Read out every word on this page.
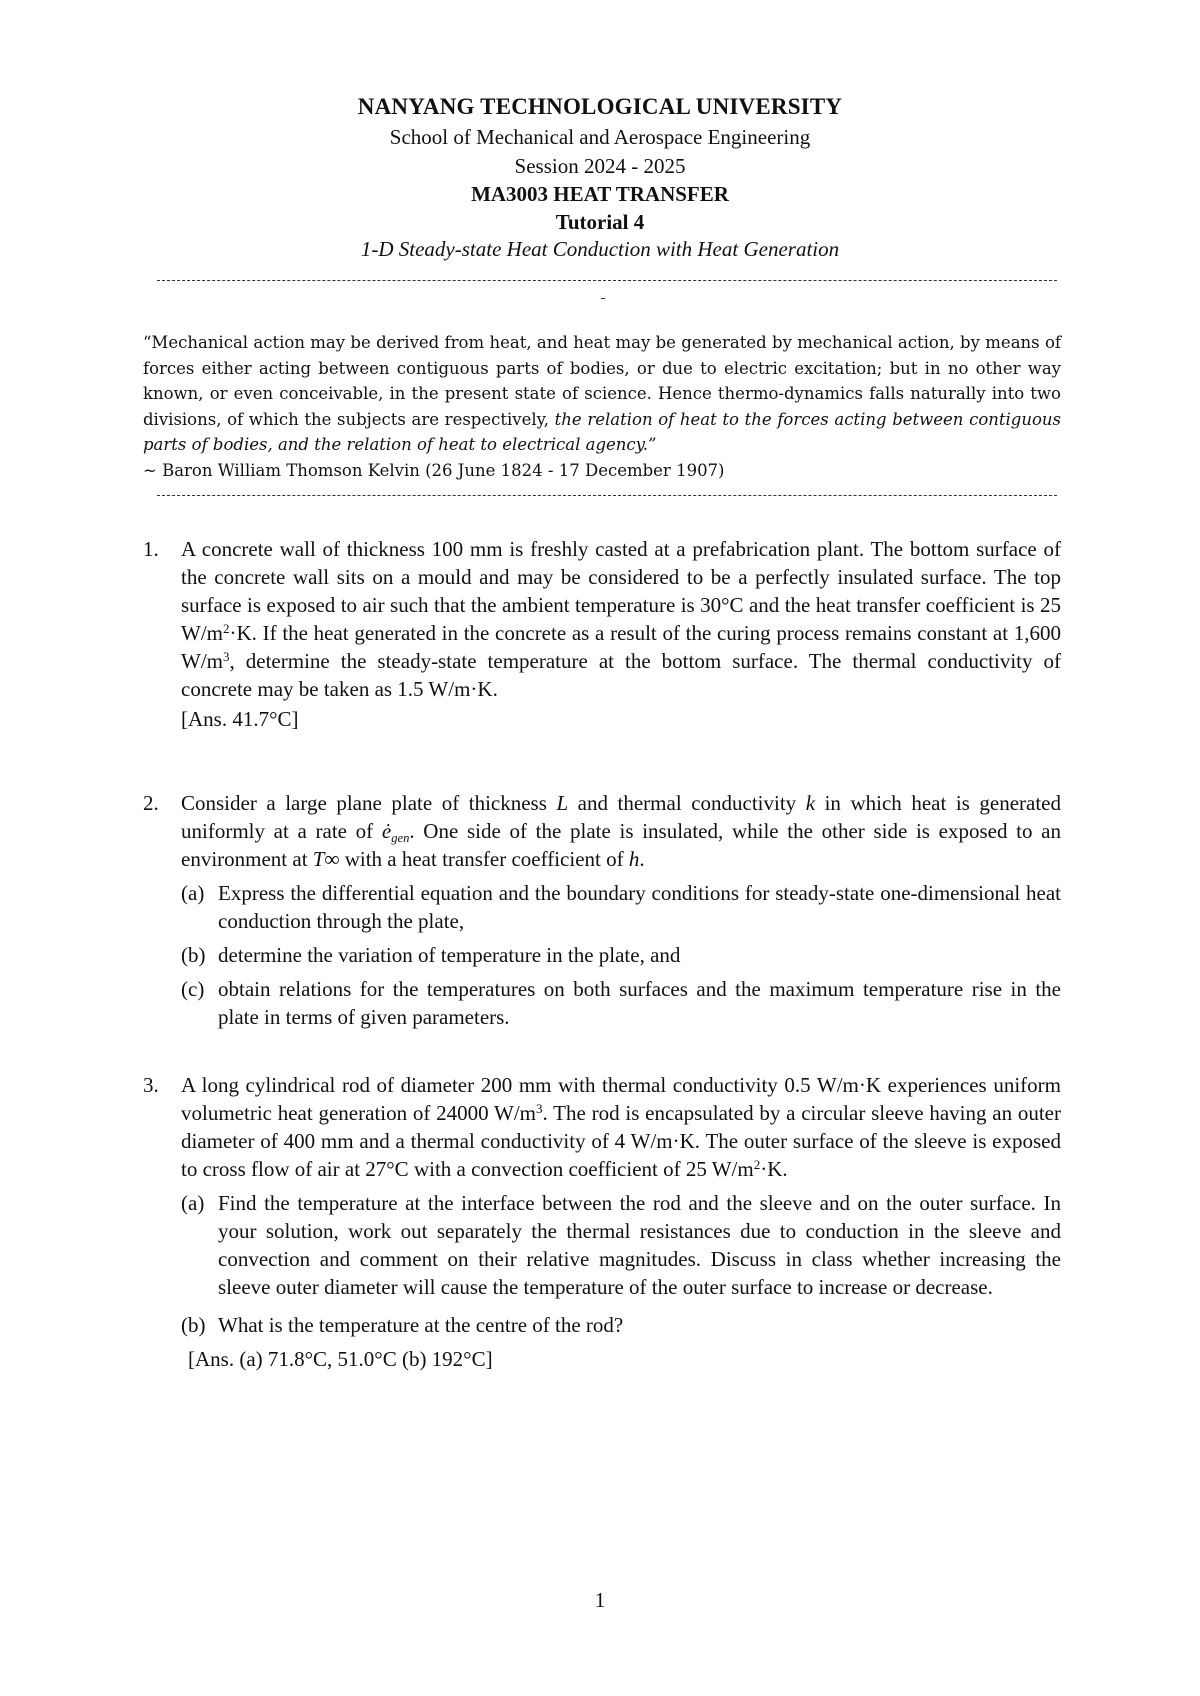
NANYANG TECHNOLOGICAL UNIVERSITY
School of Mechanical and Aerospace Engineering
Session 2024 - 2025
MA3003 HEAT TRANSFER
Tutorial 4
1-D Steady-state Heat Conduction with Heat Generation
“Mechanical action may be derived from heat, and heat may be generated by mechanical action, by means of forces either acting between contiguous parts of bodies, or due to electric excitation; but in no other way known, or even conceivable, in the present state of science. Hence thermo-dynamics falls naturally into two divisions, of which the subjects are respectively, the relation of heat to the forces acting between contiguous parts of bodies, and the relation of heat to electrical agency.”
~ Baron William Thomson Kelvin (26 June 1824 - 17 December 1907)
1.	A concrete wall of thickness 100 mm is freshly casted at a prefabrication plant. The bottom surface of the concrete wall sits on a mould and may be considered to be a perfectly insulated surface. The top surface is exposed to air such that the ambient temperature is 30°C and the heat transfer coefficient is 25 $W/m^2\cdot K$. If the heat generated in the concrete as a result of the curing process remains constant at 1,600 $W/m^3$, determine the steady-state temperature at the bottom surface. The thermal conductivity of concrete may be taken as 1.5 W/m·K.
[Ans. 41.7°C]
2.	Consider a large plane plate of thickness L and thermal conductivity k in which heat is generated uniformly at a rate of $ė_{gen}$. One side of the plate is insulated, while the other side is exposed to an environment at T∞ with a heat transfer coefficient of h.
(a) Express the differential equation and the boundary conditions for steady-state one-dimensional heat conduction through the plate,
(b) determine the variation of temperature in the plate, and
(c) obtain relations for the temperatures on both surfaces and the maximum temperature rise in the plate in terms of given parameters.
3.	A long cylindrical rod of diameter 200 mm with thermal conductivity 0.5 W/m·K experiences uniform volumetric heat generation of 24000 $W/m^3$. The rod is encapsulated by a circular sleeve having an outer diameter of 400 mm and a thermal conductivity of 4 W/m·K. The outer surface of the sleeve is exposed to cross flow of air at 27°C with a convection coefficient of 25 $W/m^2\cdot K$.
(a) Find the temperature at the interface between the rod and the sleeve and on the outer surface. In your solution, work out separately the thermal resistances due to conduction in the sleeve and convection and comment on their relative magnitudes. Discuss in class whether increasing the sleeve outer diameter will cause the temperature of the outer surface to increase or decrease.
(b) What is the temperature at the centre of the rod?
[Ans. (a) 71.8°C, 51.0°C (b) 192°C]
1
